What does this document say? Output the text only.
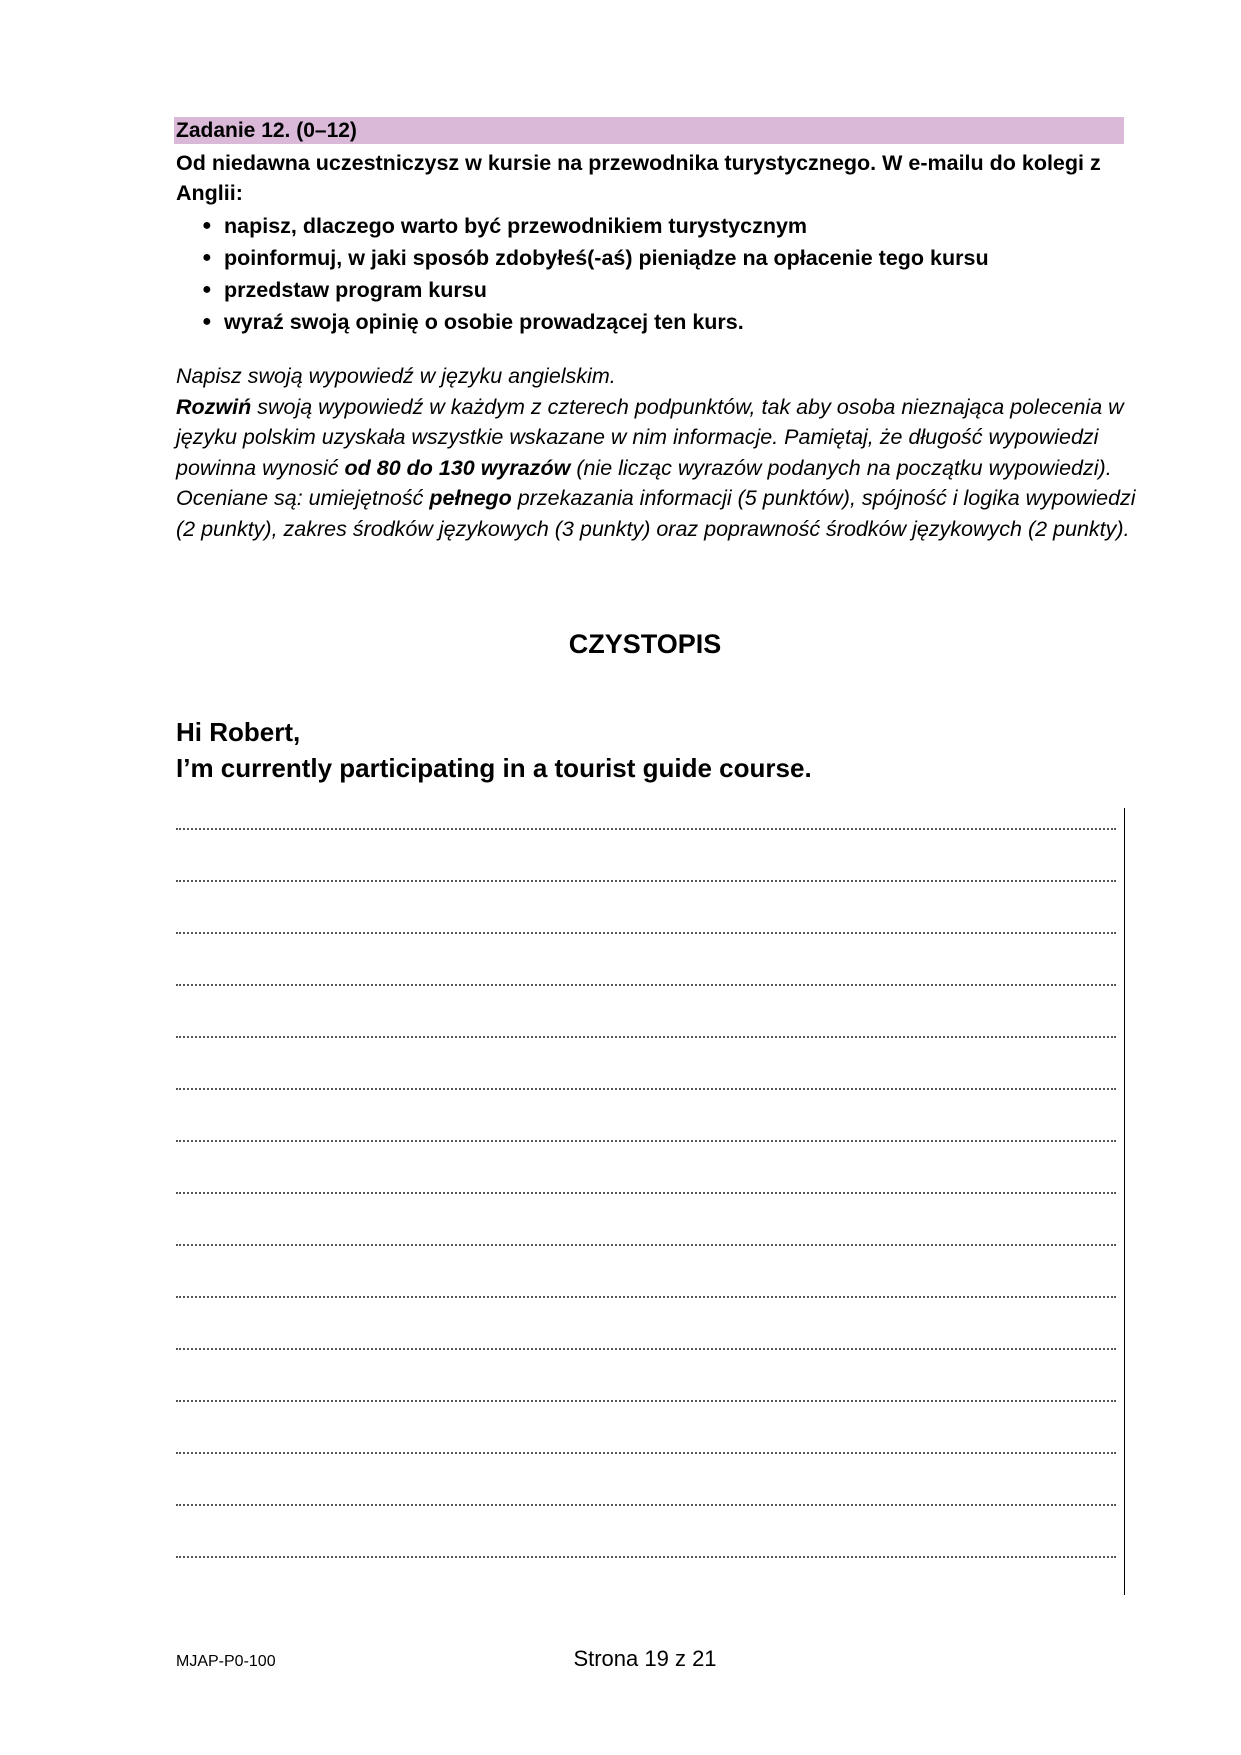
Zadanie 12. (0–12)

Od niedawna uczestniczysz w kursie na przewodnika turystycznego. W e-mailu do kolegi z Anglii:

● napisz, dlaczego warto być przewodnikiem turystycznym
● poinformuj, w jaki sposób zdobyłeś(-aś) pieniądze na opłacenie tego kursu
● przedstaw program kursu
● wyraź swoją opinię o osobie prowadzącej ten kurs.

Napisz swoją wypowiedź w języku angielskim.

Rozwiń swoją wypowiedź w każdym z czterech podpunktów, tak aby osoba nieznająca polecenia w języku polskim uzyskała wszystkie wskazane w nim informacje. Pamiętaj, że długość wypowiedzi powinna wynosić od 80 do 130 wyrazów (nie licząc wyrazów podanych na początku wypowiedzi). Oceniane są: umiejętność pełnego przekazania informacji (5 punktów), spójność i logika wypowiedzi (2 punkty), zakres środków językowych (3 punkty) oraz poprawność środków językowych (2 punkty).

CZYSTOPIS
Hi Robert,
I’m currently participating in a tourist guide course.
MJAP-P0-100	Strona 19 z 21
